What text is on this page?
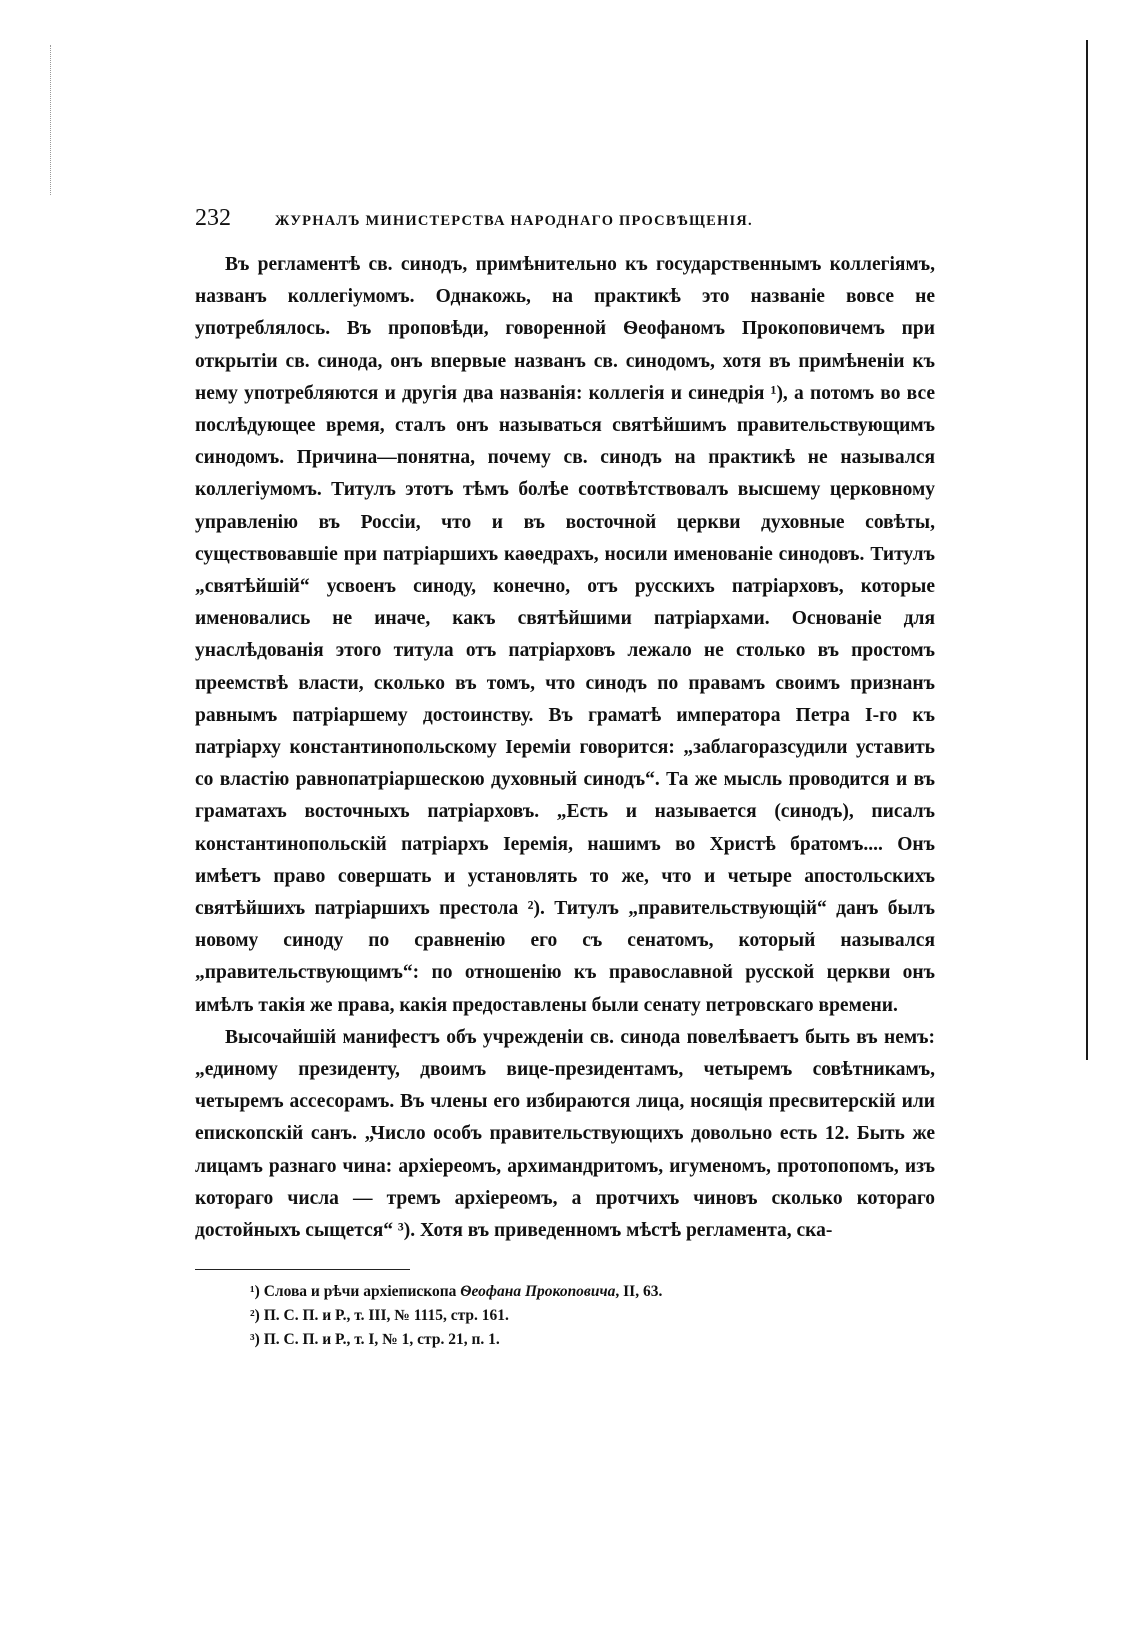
232	ЖУРНАЛЪ МИНИСТЕРСТВА НАРОДНАГО ПРОСВѢЩЕНІЯ.

Въ регламентѣ св. синодъ, примѣнительно къ государственнымъ коллегіямъ, названъ коллегіумомъ. Однакожь, на практикѣ это названіе вовсе не употреблялось. Въ проповѣди, говоренной Ѳеофаномъ Прокоповичемъ при открытіи св. синода, онъ впервые названъ св. синодомъ, хотя въ примѣненіи къ нему употребляются и другія два названія: коллегія и синедрія ¹), а потомъ во все послѣдующее время, сталъ онъ называться святѣйшимъ правительствующимъ синодомъ. Причина—понятна, почему св. синодъ на практикѣ не назывался коллегіумомъ. Титулъ этотъ тѣмъ болѣе соотвѣтствовалъ высшему церковному управленію въ Россіи, что и въ восточной церкви духовные совѣты, существовавшіе при патріаршихъ каѳедрахъ, носили именованіе синодовъ. Титулъ „святѣйшій“ усвоенъ синоду, конечно, отъ русскихъ патріарховъ, которые именовались не иначе, какъ святѣйшими патріархами. Основаніе для унаслѣдованія этого титула отъ патріарховъ лежало не столько въ простомъ преемствѣ власти, сколько въ томъ, что синодъ по правамъ своимъ признанъ равнымъ патріаршему достоинству. Въ граматѣ императора Петра I-го къ патріарху константинопольскому Іереміи говорится: „заблагоразсудили уставить со властію равнопатріаршескою духовный синодъ“. Та же мысль проводится и въ граматахъ восточныхъ патріарховъ. „Есть и называется (синодъ), писалъ константинопольскій патріархъ Іеремія, нашимъ во Христѣ братомъ.... Онъ имѣетъ право совершать и установлять то же, что и четыре апостольскихъ святѣйшихъ патріаршихъ престола ²). Титулъ „правительствующій“ данъ былъ новому синоду по сравненію его съ сенатомъ, который назывался „правительствующимъ“: по отношенію къ православной русской церкви онъ имѣлъ такія же права, какія предоставлены были сенату петровскаго времени.

Высочайшій манифестъ объ учрежденіи св. синода повелѣваетъ быть въ немъ: „единому президенту, двоимъ вице-президентамъ, четыремъ совѣтникамъ, четыремъ ассесорамъ. Въ члены его избираются лица, носящія пресвитерскій или епископскій санъ. „Число особъ правительствующихъ довольно есть 12. Быть же лицамъ разнаго чина: архіереомъ, архимандритомъ, игуменомъ, протопопомъ, изъ котораго числа — тремъ архіереомъ, а протчихъ чиновъ сколько котораго достойныхъ сыщется“ ³). Хотя въ приведенномъ мѣстѣ регламента, ска-

¹) Слова и рѣчи архіепископа Ѳеофана Прокоповича, II, 63.
²) П. С. П. и Р., т. III, № 1115, стр. 161.
³) П. С. П. и Р., т. I, № 1, стр. 21, п. 1.
